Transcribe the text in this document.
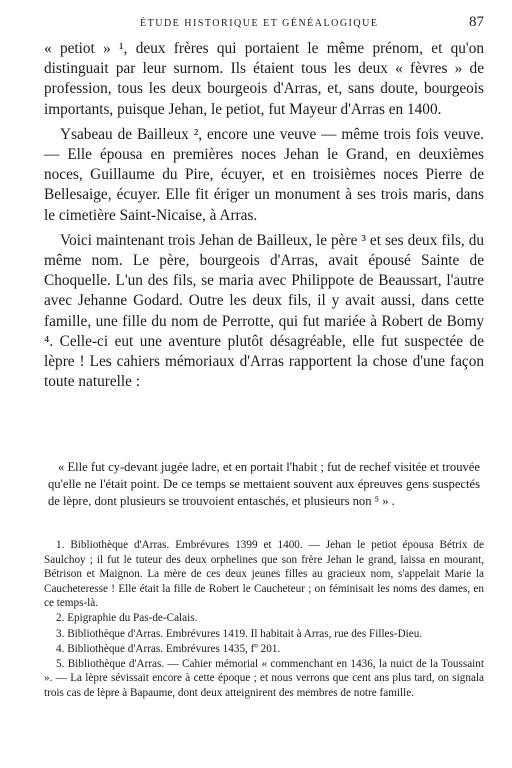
ÉTUDE HISTORIQUE ET GÉNÉALOGIQUE	87

« petiot » ¹, deux frères qui portaient le même prénom, et qu'on distinguait par leur surnom. Ils étaient tous les deux « fèvres » de profession, tous les deux bourgeois d'Arras, et, sans doute, bourgeois importants, puisque Jehan, le petiot, fut Mayeur d'Arras en 1400.

Ysabeau de Bailleux ², encore une veuve — même trois fois veuve. — Elle épousa en premières noces Jehan le Grand, en deuxièmes noces, Guillaume du Pire, écuyer, et en troisièmes noces Pierre de Bellesaige, écuyer. Elle fit ériger un monument à ses trois maris, dans le cimetière Saint-Nicaise, à Arras.

Voici maintenant trois Jehan de Bailleux, le père ³ et ses deux fils, du même nom. Le père, bourgeois d'Arras, avait épousé Sainte de Choquelle. L'un des fils, se maria avec Philippote de Beaussart, l'autre avec Jehanne Godard. Outre les deux fils, il y avait aussi, dans cette famille, une fille du nom de Perrotte, qui fut mariée à Robert de Bomy ⁴. Celle-ci eut une aventure plutôt désagréable, elle fut suspectée de lèpre ! Les cahiers mémoriaux d'Arras rapportent la chose d'une façon toute naturelle :

« Elle fut cy-devant jugée ladre, et en portait l'habit ; fut de rechef visitée et trouvée qu'elle ne l'était point. De ce temps se mettaient souvent aux épreuves gens suspectés de lèpre, dont plusieurs se trouvoient entaschés, et plusieurs non ⁵ » .

1. Bibliothèque d'Arras. Embrévures 1399 et 1400. — Jehan le petiot épousa Bétrix de Saulchoy ; il fut le tuteur des deux orphelines que son frère Jehan le grand, laissa en mourant, Bétrison et Maignon. La mère de ces deux jeunes filles au gracieux nom, s'appelait Marie la Caucheteresse ! Elle était la fille de Robert le Caucheteur ; on féminisait les noms des dames, en ce temps-là.

2. Epigraphie du Pas-de-Calais.

3. Bibliothèque d'Arras. Embrévures 1419. Il habitait à Arras, rue des Filles-Dieu.

4. Bibliothèque d'Arras. Embrévures 1435, fº 201.

5. Bibliothèque d'Arras. — Cahier mémorial « commenchant en 1436, la nuict de la Toussaint ». — La lèpre sévissait encore à cette époque ; et nous verrons que cent ans plus tard, on signala trois cas de lèpre à Bapaume, dont deux atteignirent des membres de notre famille.
